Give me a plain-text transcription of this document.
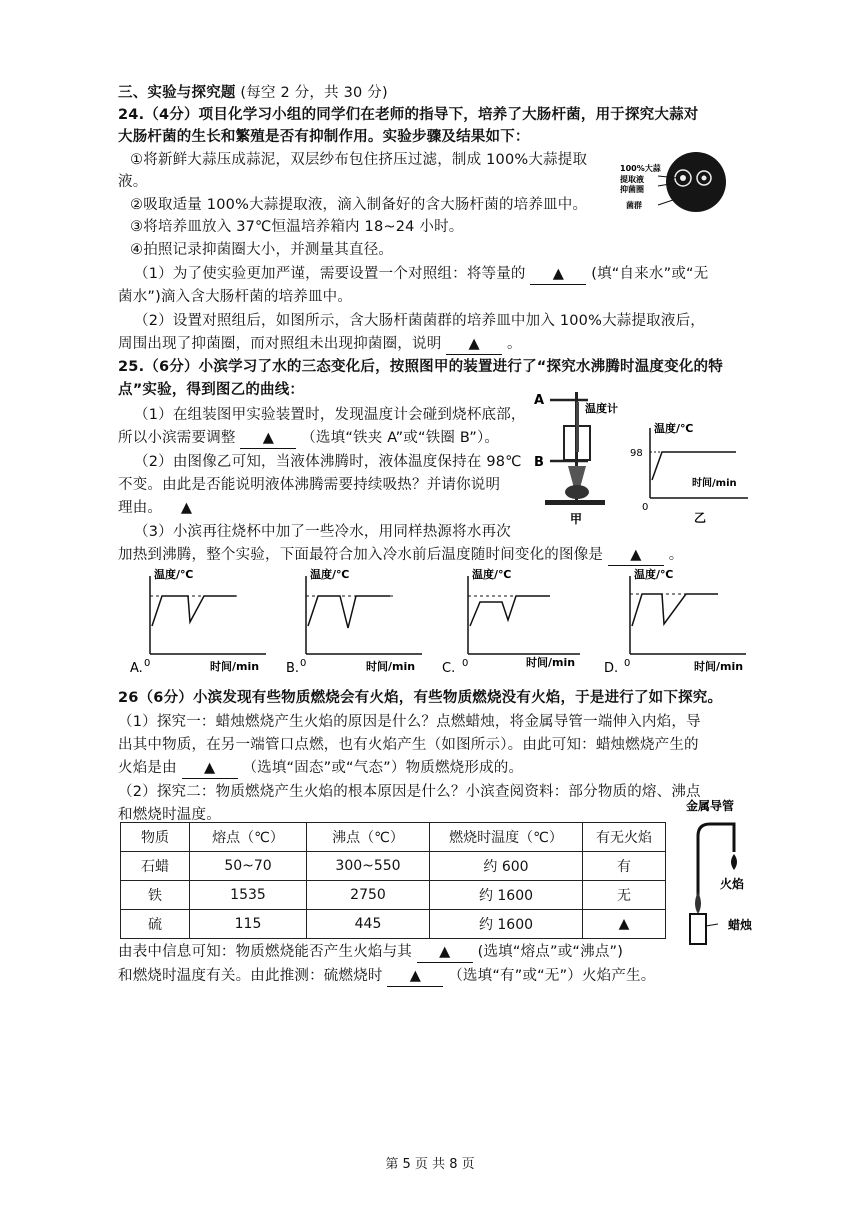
三、实验与探究题 (每空 2 分，共 30 分)
24.（4分）项目化学习小组的同学们在老师的指导下，培养了大肠杆菌，用于探究大蒜对
大肠杆菌的生长和繁殖是否有抑制作用。实验步骤及结果如下：
①将新鲜大蒜压成蒜泥，双层纱布包住挤压过滤，制成 100%大蒜提取
液。
②吸取适量 100%大蒜提取液，滴入制备好的含大肠杆菌的培养皿中。
③将培养皿放入 37℃恒温培养箱内 18~24 小时。
④拍照记录抑菌圈大小，并测量其直径。
（1）为了使实验更加严谨，需要设置一个对照组：将等量的 ▲ (填“自来水”或“无
菌水”)滴入含大肠杆菌的培养皿中。
（2）设置对照组后，如图所示，含大肠杆菌菌群的培养皿中加入 100%大蒜提取液后，
周围出现了抑菌圈，而对照组未出现抑菌圈，说明 ▲ 。
100%大蒜
提取液
抑菌圈
菌群
25.（6分）小滨学习了水的三态变化后，按照图甲的装置进行了“探究水沸腾时温度变化的特
点”实验，得到图乙的曲线：
（1）在组装图甲实验装置时，发现温度计会碰到烧杯底部，
所以小滨需要调整 ▲ （选填“铁夹 A”或“铁圈 B”）。
（2）由图像乙可知，当液体沸腾时，液体温度保持在 98℃
不变。由此是否能说明液体沸腾需要持续吸热？并请你说明
理由。 ▲
（3）小滨再往烧杯中加了一些冷水，用同样热源将水再次
加热到沸腾，整个实验，下面最符合加入冷水前后温度随时间变化的图像是 ▲ 。
A
B
温度计
甲
温度/℃
98
0
时间/min
乙
温度/℃
0	时间/min
A.
温度/℃
0	时间/min
B.
温度/℃
0	时间/min
C.
温度/℃
0	时间/min
D.
26（6分）小滨发现有些物质燃烧会有火焰，有些物质燃烧没有火焰，于是进行了如下探究。
（1）探究一：蜡烛燃烧产生火焰的原因是什么？点燃蜡烛，将金属导管一端伸入内焰，导
出其中物质，在另一端管口点燃，也有火焰产生（如图所示）。由此可知：蜡烛燃烧产生的
火焰是由 ▲ （选填“固态”或“气态”）物质燃烧形成的。
（2）探究二：物质燃烧产生火焰的根本原因是什么？小滨查阅资料：部分物质的熔、沸点
和燃烧时温度。
物质	熔点（℃）	沸点（℃）	燃烧时温度（℃）	有无火焰
石蜡	50~70	300~550	约 600	有
铁	1535	2750	约 1600	无
硫	115	445	约 1600	▲
金属导管
火焰
蜡烛
由表中信息可知：物质燃烧能否产生火焰与其 ▲ (选填“熔点”或“沸点”)
和燃烧时温度有关。由此推测：硫燃烧时 ▲ （选填“有”或“无”）火焰产生。
第 5 页 共 8 页
